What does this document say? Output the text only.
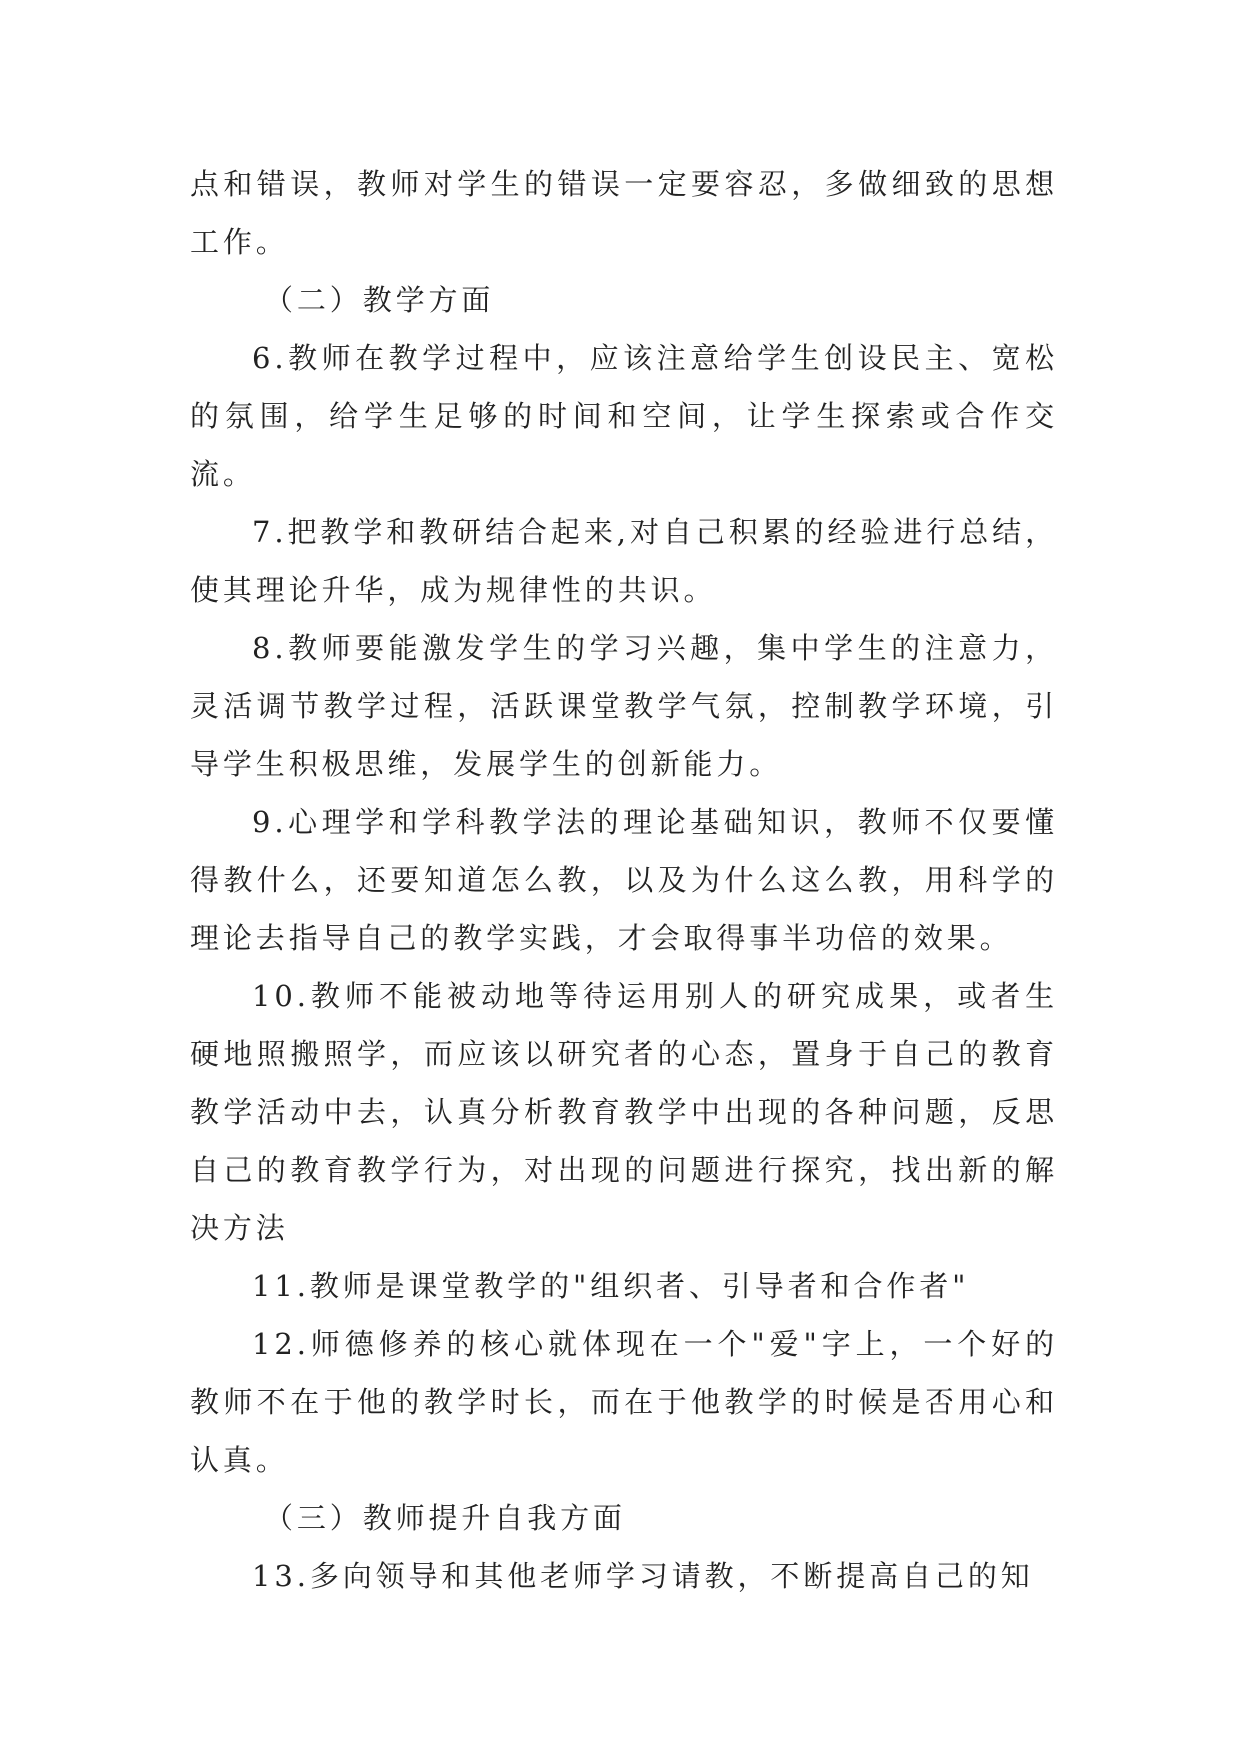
点和错误，教师对学生的错误一定要容忍，多做细致的思想工作。

（二）教学方面

6.教师在教学过程中，应该注意给学生创设民主、宽松的氛围，给学生足够的时间和空间，让学生探索或合作交流。

7.把教学和教研结合起来,对自己积累的经验进行总结，使其理论升华，成为规律性的共识。

8.教师要能激发学生的学习兴趣，集中学生的注意力，灵活调节教学过程，活跃课堂教学气氛，控制教学环境，引导学生积极思维，发展学生的创新能力。

9.心理学和学科教学法的理论基础知识，教师不仅要懂得教什么，还要知道怎么教，以及为什么这么教，用科学的理论去指导自己的教学实践，才会取得事半功倍的效果。

10.教师不能被动地等待运用别人的研究成果，或者生硬地照搬照学，而应该以研究者的心态，置身于自己的教育教学活动中去，认真分析教育教学中出现的各种问题，反思自己的教育教学行为，对出现的问题进行探究，找出新的解决方法

11.教师是课堂教学的"组织者、引导者和合作者"

12.师德修养的核心就体现在一个"爱"字上，一个好的教师不在于他的教学时长，而在于他教学的时候是否用心和认真。

（三）教师提升自我方面

13.多向领导和其他老师学习请教，不断提高自己的知
